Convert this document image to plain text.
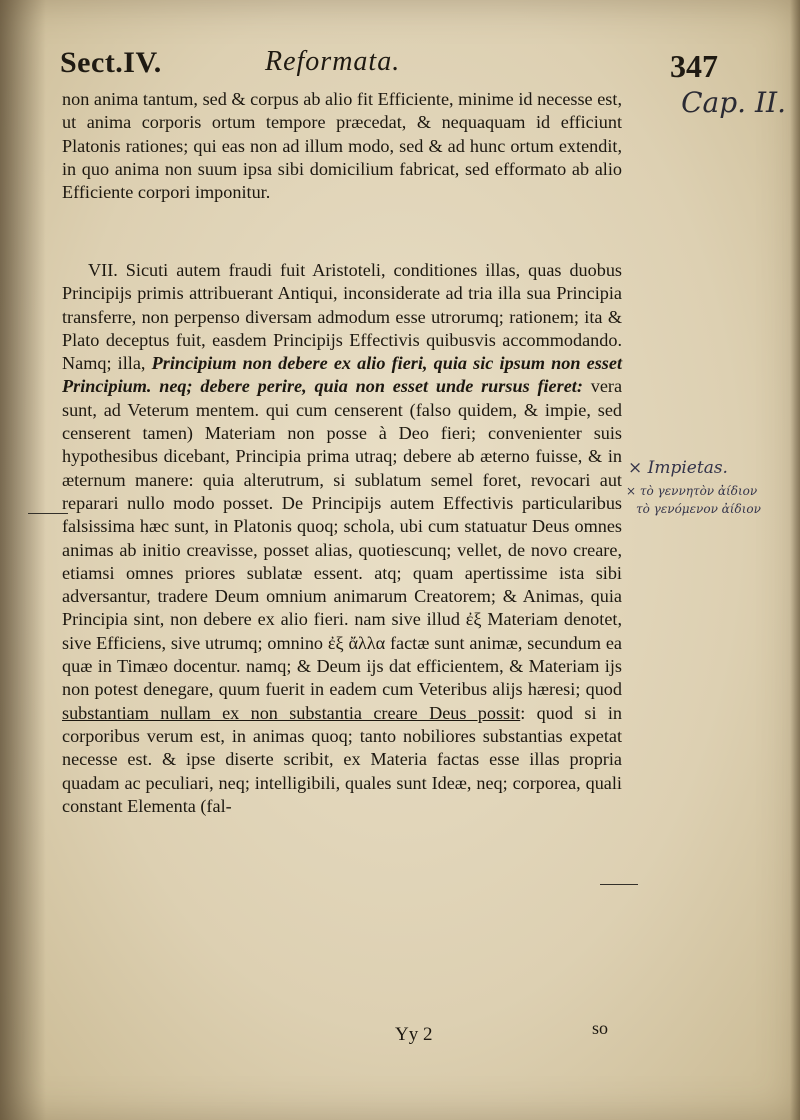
Sect.IV.	Reformata.	347
Cap. II.
non anima tantum, sed & corpus ab alio fit Efficiente, minime id necesse est, ut anima corporis ortum tempore præcedat, & nequaquam id efficiunt Platonis rationes; qui eas non ad illum modo, sed & ad hunc ortum extendit, in quo anima non suum ipsa sibi domicilium fabricat, sed efformato ab alio Efficiente corpori imponitur.
VII. Sicuti autem fraudi fuit Aristoteli, conditiones illas, quas duobus Principijs primis attribuerant Antiqui, inconsiderate ad tria illa sua Principia transferre, non perpenso diversam admodum esse utrorumq; rationem; ita & Plato deceptus fuit, easdem Principijs Effectivis quibusvis accommodando. Namq; illa, Principium non debere ex alio fieri, quia sic ipsum non esset Principium. neq; debere perire, quia non esset unde rursus fieret: vera sunt, ad Veterum mentem. qui cum censerent (falso quidem, & impie, sed censerent tamen) Materiam non posse à Deo fieri; convenienter suis hypothesibus dicebant, Principia prima utraq; debere ab æterno fuisse, & in æternum manere: quia alterutrum, si sublatum semel foret, revocari aut reparari nullo modo posset. De Principijs autem Effectivis particularibus falsissima hæc sunt, in Platonis quoq; schola, ubi cum statuatur Deus omnes animas ab initio creavisse, posset alias, quotiescunq; vellet, de novo creare, etiamsi omnes priores sublatæ essent. atq; quam apertissime ista sibi adversantur, tradere Deum omnium animarum Creatorem; & Animas, quia Principia sint, non debere ex alio fieri. nam sive illud ἐξ Materiam denotet, sive Efficiens, sive utrumq; omnino ἐξ ἄλλα factæ sunt animæ, secundum ea quæ in Timæo docentur. namq; & Deum ijs dat efficientem, & Materiam ijs non potest denegare, quum fuerit in eadem cum Veteribus alijs hæresi; quod substantiam nullam ex non substantia creare Deus possit: quod si in corporibus verum est, in animas quoq; tanto nobiliores substantias expetat necesse est. & ipse diserte scribit, ex Materia factas esse illas propria quadam ac peculiari, neq; intelligibili, quales sunt Ideæ, neq; corporea, quali constant Elementa (fal-
× Impietas.
× τὸ γεννητὸν ἀίδιον
τὸ γενόμενον ἀίδιον
Yy 2	so
